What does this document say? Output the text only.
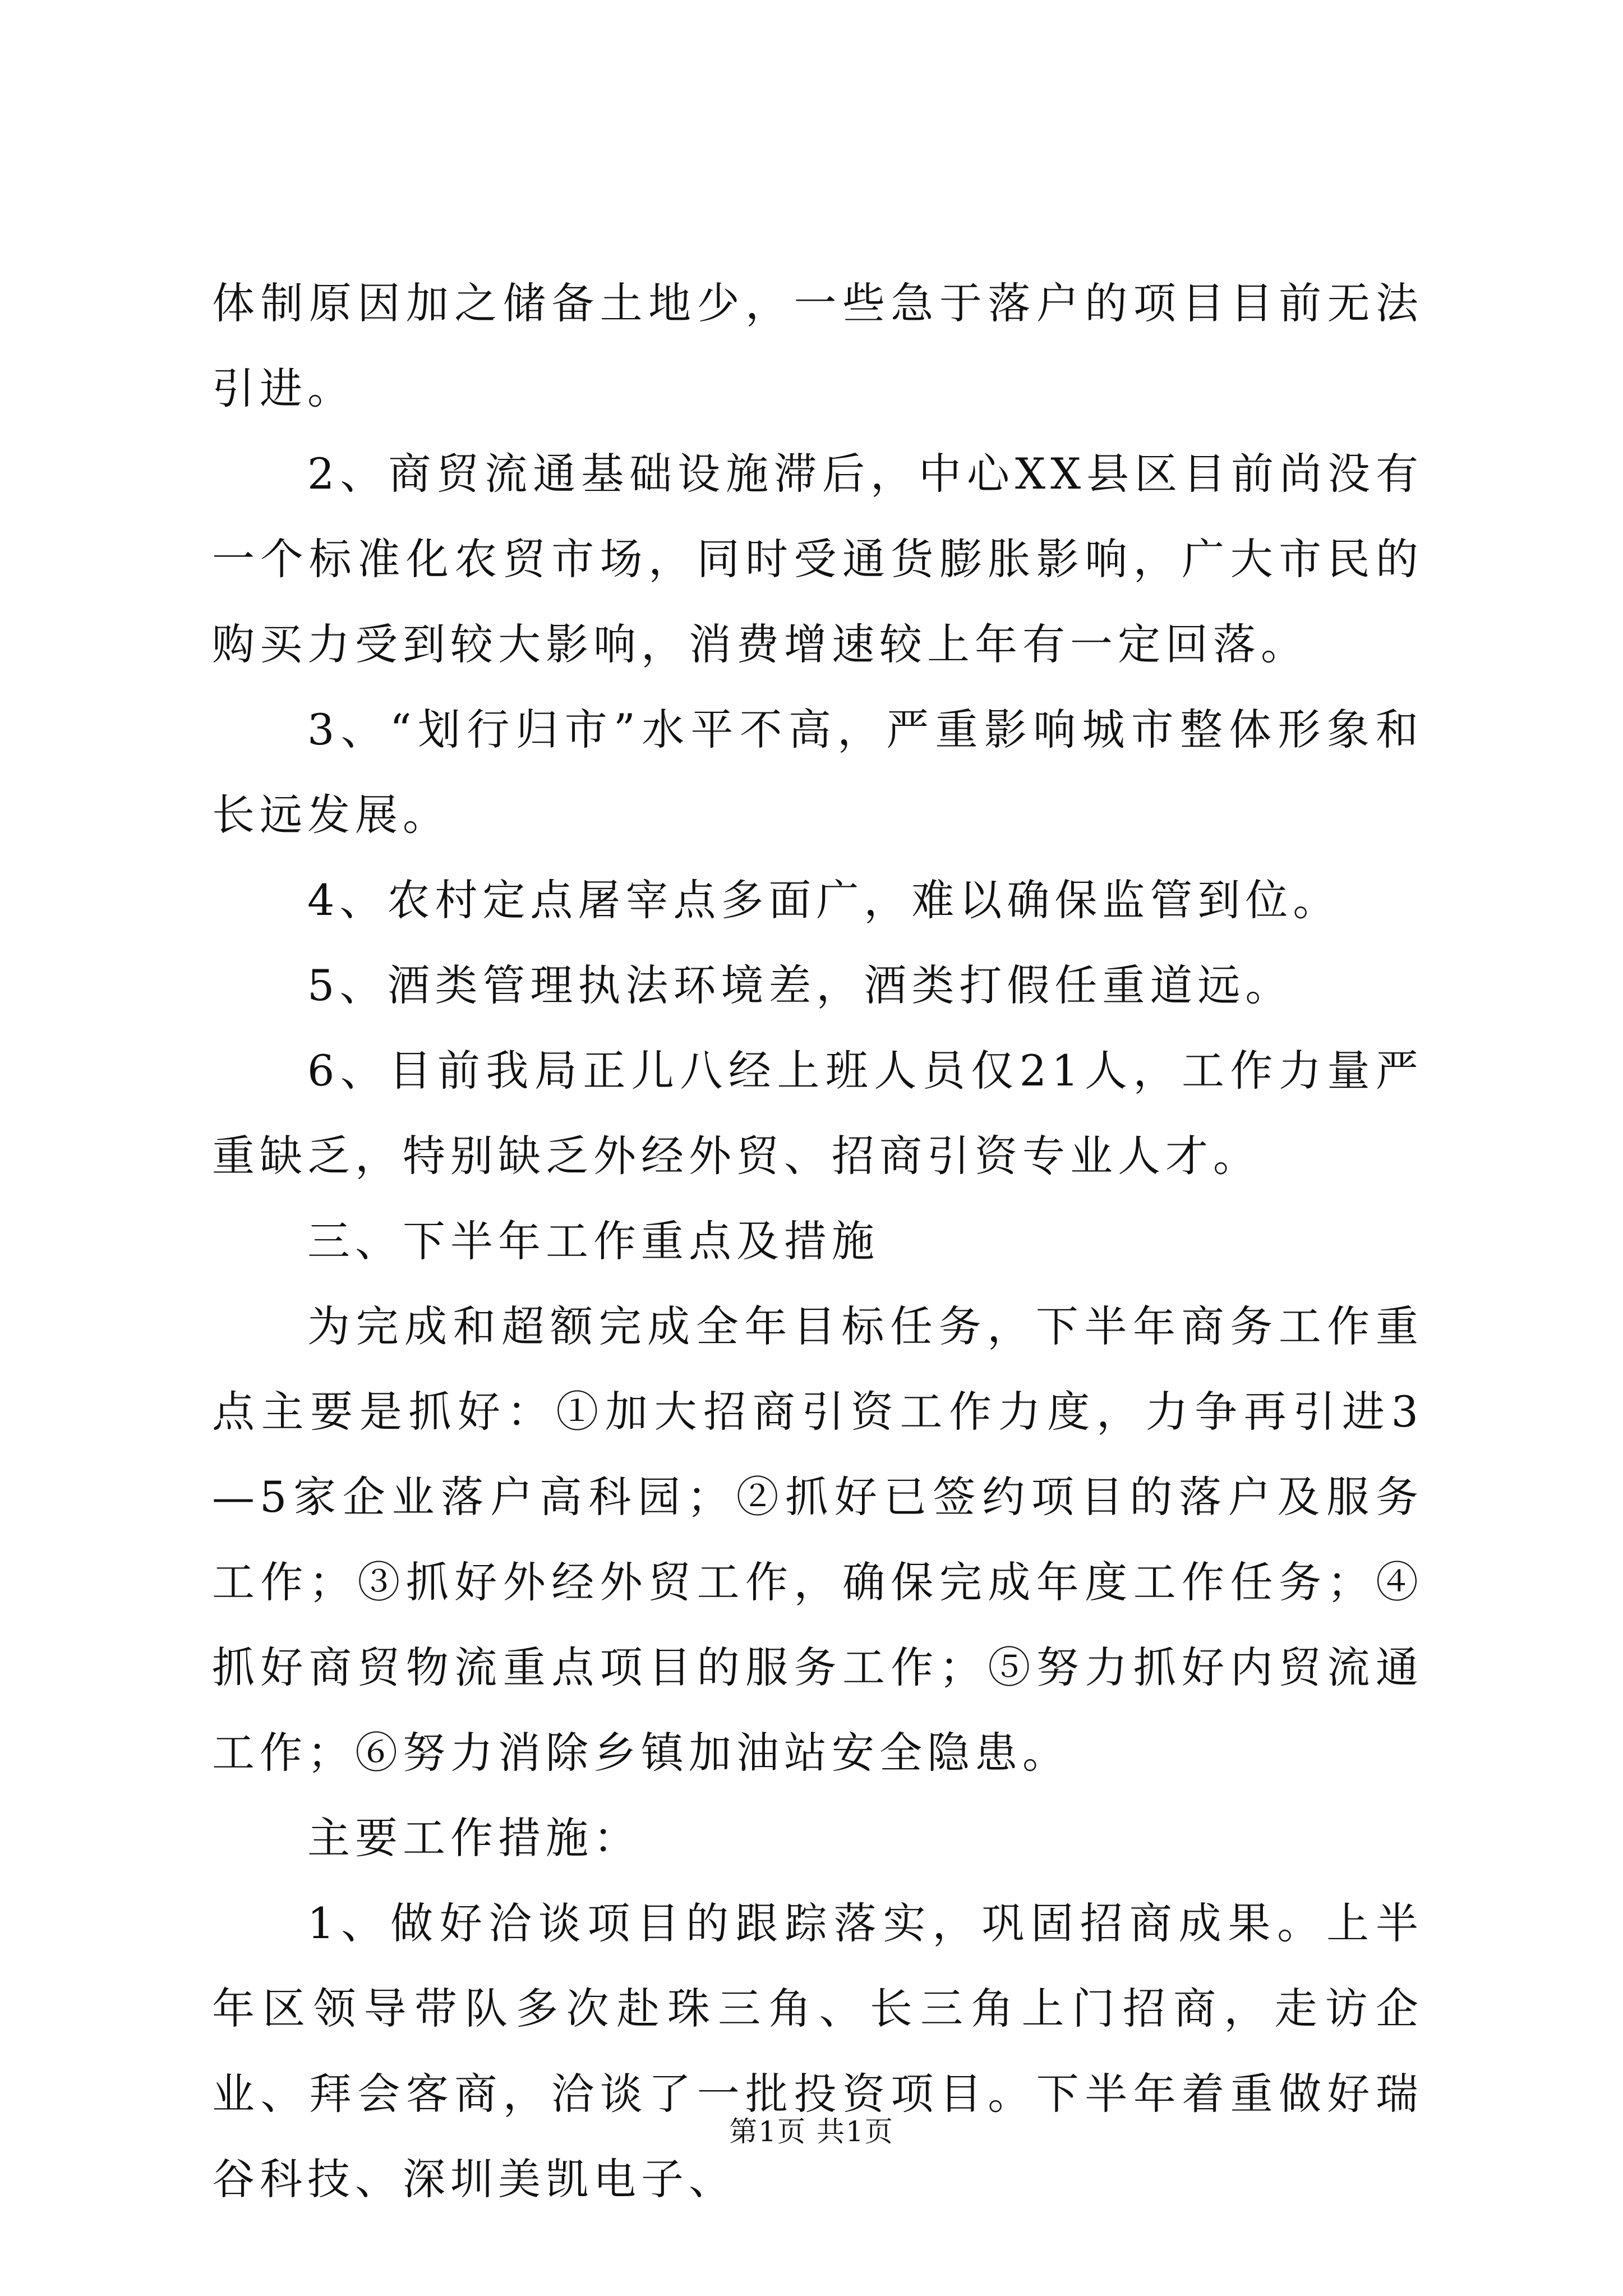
体制原因加之储备土地少，一些急于落户的项目目前无法引进。

2、商贸流通基础设施滞后，中心XX县区目前尚没有一个标准化农贸市场，同时受通货膨胀影响，广大市民的购买力受到较大影响，消费增速较上年有一定回落。

3、“划行归市”水平不高，严重影响城市整体形象和长远发展。

4、农村定点屠宰点多面广，难以确保监管到位。

5、酒类管理执法环境差，酒类打假任重道远。

6、目前我局正儿八经上班人员仅21人，工作力量严重缺乏，特别缺乏外经外贸、招商引资专业人才。

三、下半年工作重点及措施

为完成和超额完成全年目标任务，下半年商务工作重点主要是抓好：①加大招商引资工作力度，力争再引进3—5家企业落户高科园；②抓好已签约项目的落户及服务工作；③抓好外经外贸工作，确保完成年度工作任务；④抓好商贸物流重点项目的服务工作；⑤努力抓好内贸流通工作；⑥努力消除乡镇加油站安全隐患。

主要工作措施：

1、做好洽谈项目的跟踪落实，巩固招商成果。上半年区领导带队多次赴珠三角、长三角上门招商，走访企业、拜会客商，洽谈了一批投资项目。下半年着重做好瑞谷科技、深圳美凯电子、

第1页 共1页
